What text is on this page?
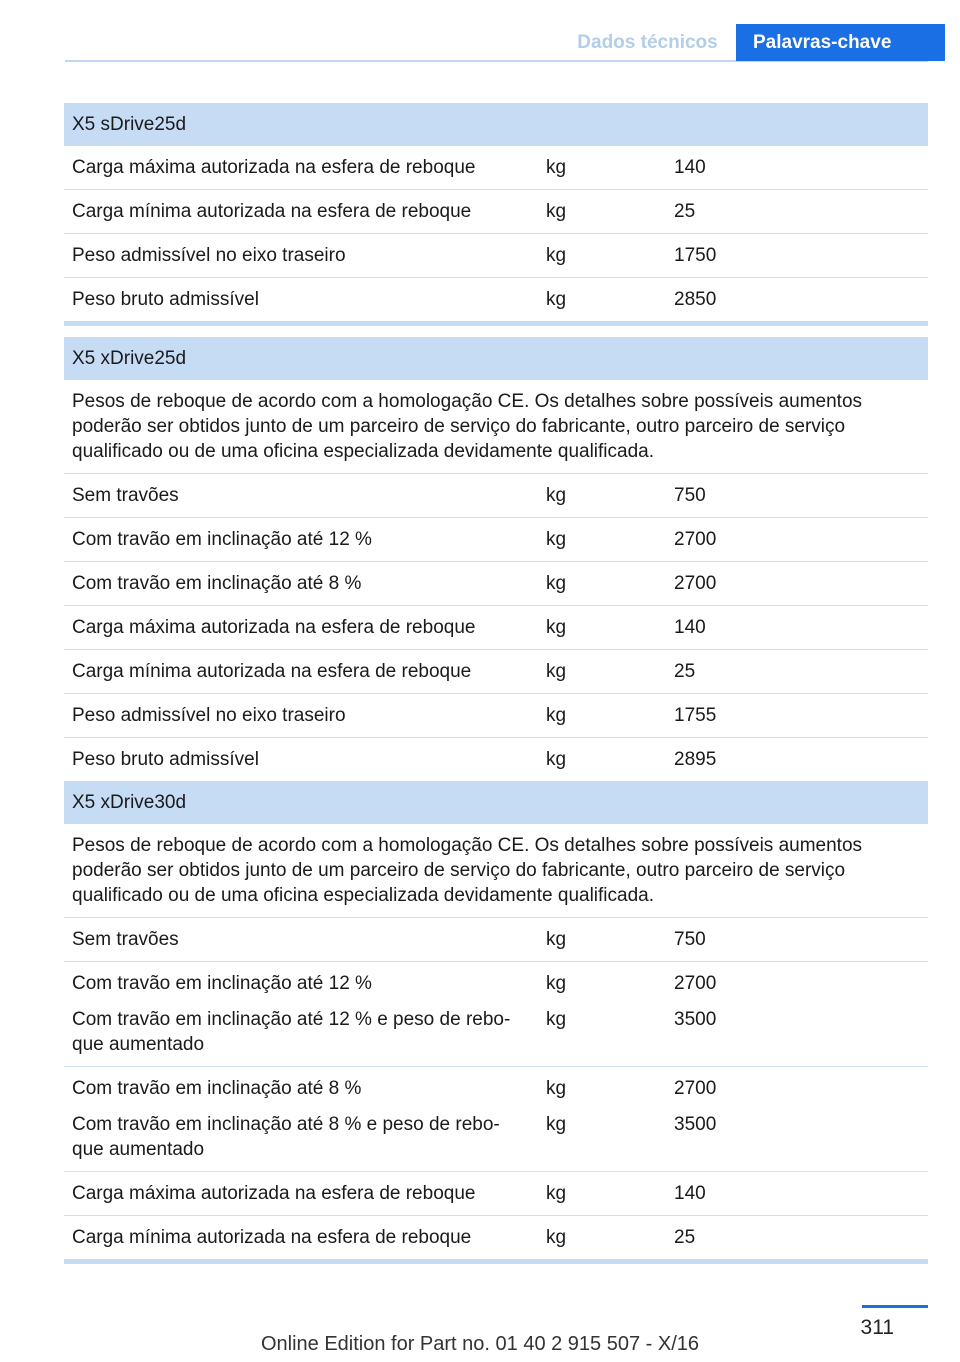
Dados técnicos	Palavras-chave
X5 sDrive25d		
Carga máxima autorizada na esfera de reboque	kg	140
Carga mínima autorizada na esfera de reboque	kg	25
Peso admissível no eixo traseiro	kg	1750
Peso bruto admissível	kg	2850
X5 xDrive25d		
Pesos de reboque de acordo com a homologação CE. Os detalhes sobre possíveis aumentos poderão ser obtidos junto de um parceiro de serviço do fabricante, outro parceiro de serviço qualificado ou de uma oficina especializada devidamente qualificada.		
Sem travões	kg	750
Com travão em inclinação até 12 %	kg	2700
Com travão em inclinação até 8 %	kg	2700
Carga máxima autorizada na esfera de reboque	kg	140
Carga mínima autorizada na esfera de reboque	kg	25
Peso admissível no eixo traseiro	kg	1755
Peso bruto admissível	kg	2895
X5 xDrive30d		
Pesos de reboque de acordo com a homologação CE. Os detalhes sobre possíveis aumentos poderão ser obtidos junto de um parceiro de serviço do fabricante, outro parceiro de serviço qualificado ou de uma oficina especializada devidamente qualificada.		
Sem travões	kg	750
Com travão em inclinação até 12 %	kg	2700
Com travão em inclinação até 12 % e peso de rebo-que aumentado	kg	3500
Com travão em inclinação até 8 %	kg	2700
Com travão em inclinação até 8 % e peso de rebo-que aumentado	kg	3500
Carga máxima autorizada na esfera de reboque	kg	140
Carga mínima autorizada na esfera de reboque	kg	25
311
Online Edition for Part no. 01 40 2 915 507 - X/16
